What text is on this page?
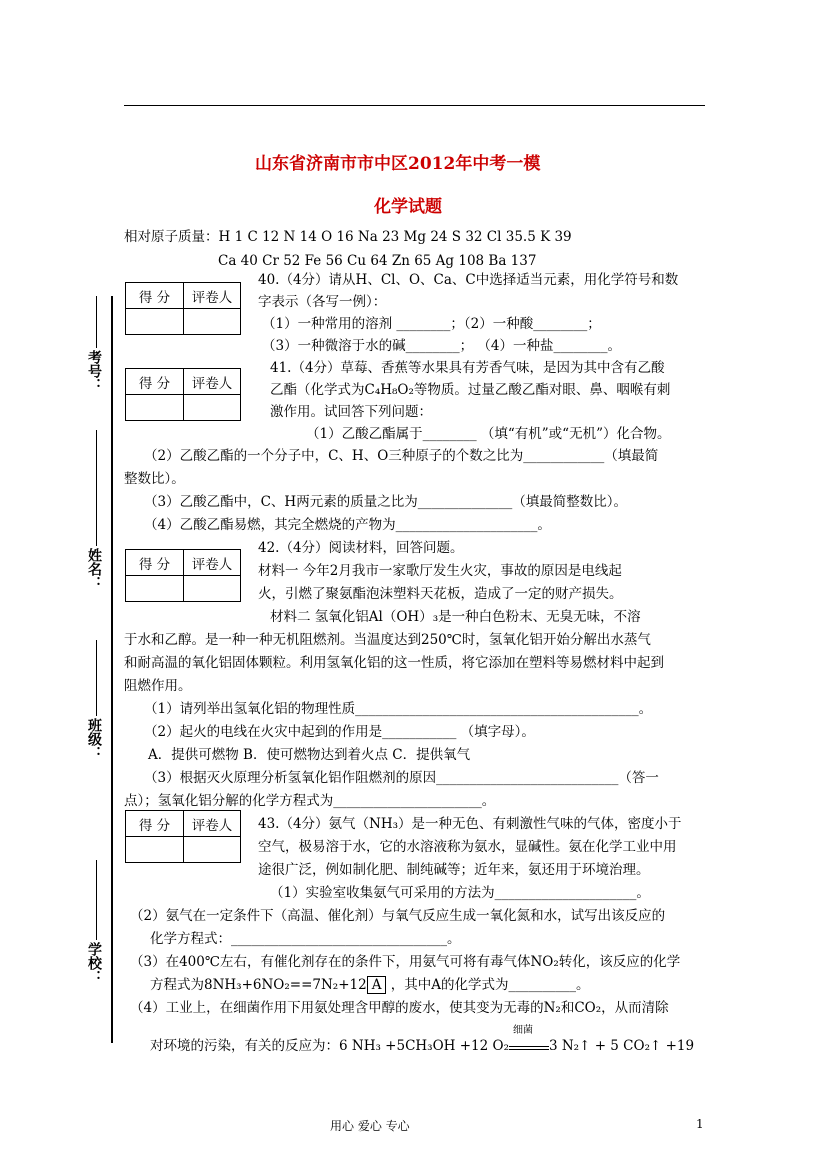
山东省济南市市中区2012年中考一模
化学试题
相对原子质量：H 1 C 12 N 14 O 16 Na 23 Mg 24 S 32 Cl 35.5 K 39
Ca 40 Cr 52 Fe 56 Cu 64 Zn 65 Ag 108 Ba 137
考号：
姓名：
班级：
学校：
得 分	评卷人

得 分	评卷人

得 分	评卷人

得 分	评卷人

40.（4分）请从H、Cl、O、Ca、C中选择适当元素，用化学符号和数
字表示（各写一例）：
（1）一种常用的溶剂 ________；（2）一种酸________；
（3）一种微溶于水的碱________； （4）一种盐________。
41.（4分）草莓、香蕉等水果具有芳香气味，是因为其中含有乙酸
乙酯（化学式为C₄H₈O₂等物质。过量乙酸乙酯对眼、鼻、咽喉有刺
激作用。试回答下列问题：
（1）乙酸乙酯属于________ （填“有机”或“无机”）化合物。
（2）乙酸乙酯的一个分子中，C、H、O三种原子的个数之比为____________（填最简
整数比）。
（3）乙酸乙酯中，C、H两元素的质量之比为______________（填最简整数比）。
（4）乙酸乙酯易燃，其完全燃烧的产物为_____________________。
42.（4分）阅读材料，回答问题。
材料一 今年2月我市一家歌厅发生火灾，事故的原因是电线起
火，引燃了聚氨酯泡沫塑料天花板，造成了一定的财产损失。
材料二 氢氧化铝Al（OH）₃是一种白色粉末、无臭无味，不溶
于水和乙醇。是一种一种无机阻燃剂。当温度达到250℃时，氢氧化铝开始分解出水蒸气
和耐高温的氧化铝固体颗粒。利用氢氧化铝的这一性质，将它添加在塑料等易燃材料中起到
阻燃作用。
（1）请列举出氢氧化铝的物理性质__________________________________________。
（2）起火的电线在火灾中起到的作用是___________ （填字母）。
A．提供可燃物 B．使可燃物达到着火点 C．提供氧气
（3）根据灭火原理分析氢氧化铝作阻燃剂的原因___________________________（答一
点）；氢氧化铝分解的化学方程式为______________________。
43.（4分）氨气（NH₃）是一种无色、有刺激性气味的气体，密度小于
空气，极易溶于水，它的水溶液称为氨水，显碱性。氨在化学工业中用
途很广泛，例如制化肥、制纯碱等；近年来，氨还用于环境治理。
（1）实验室收集氨气可采用的方法为_____________________。
（2）氨气在一定条件下（高温、催化剂）与氧气反应生成一氧化氮和水，试写出该反应的
化学方程式：________________________________。
（3）在400℃左右，有催化剂存在的条件下，用氨气可将有毒气体NO₂转化，该反应的化学
方程式为8NH₃+6NO₂==7N₂+12 A ，其中A的化学式为__________。
（4）工业上，在细菌作用下用氨处理含甲醇的废水，使其变为无毒的N₂和CO₂，从而清除
对环境的污染，有关的反应为：6 NH₃ +5CH₃OH +12 O₂
细菌
3 N₂↑ + 5 CO₂↑ +19
用心 爱心 专心	1
